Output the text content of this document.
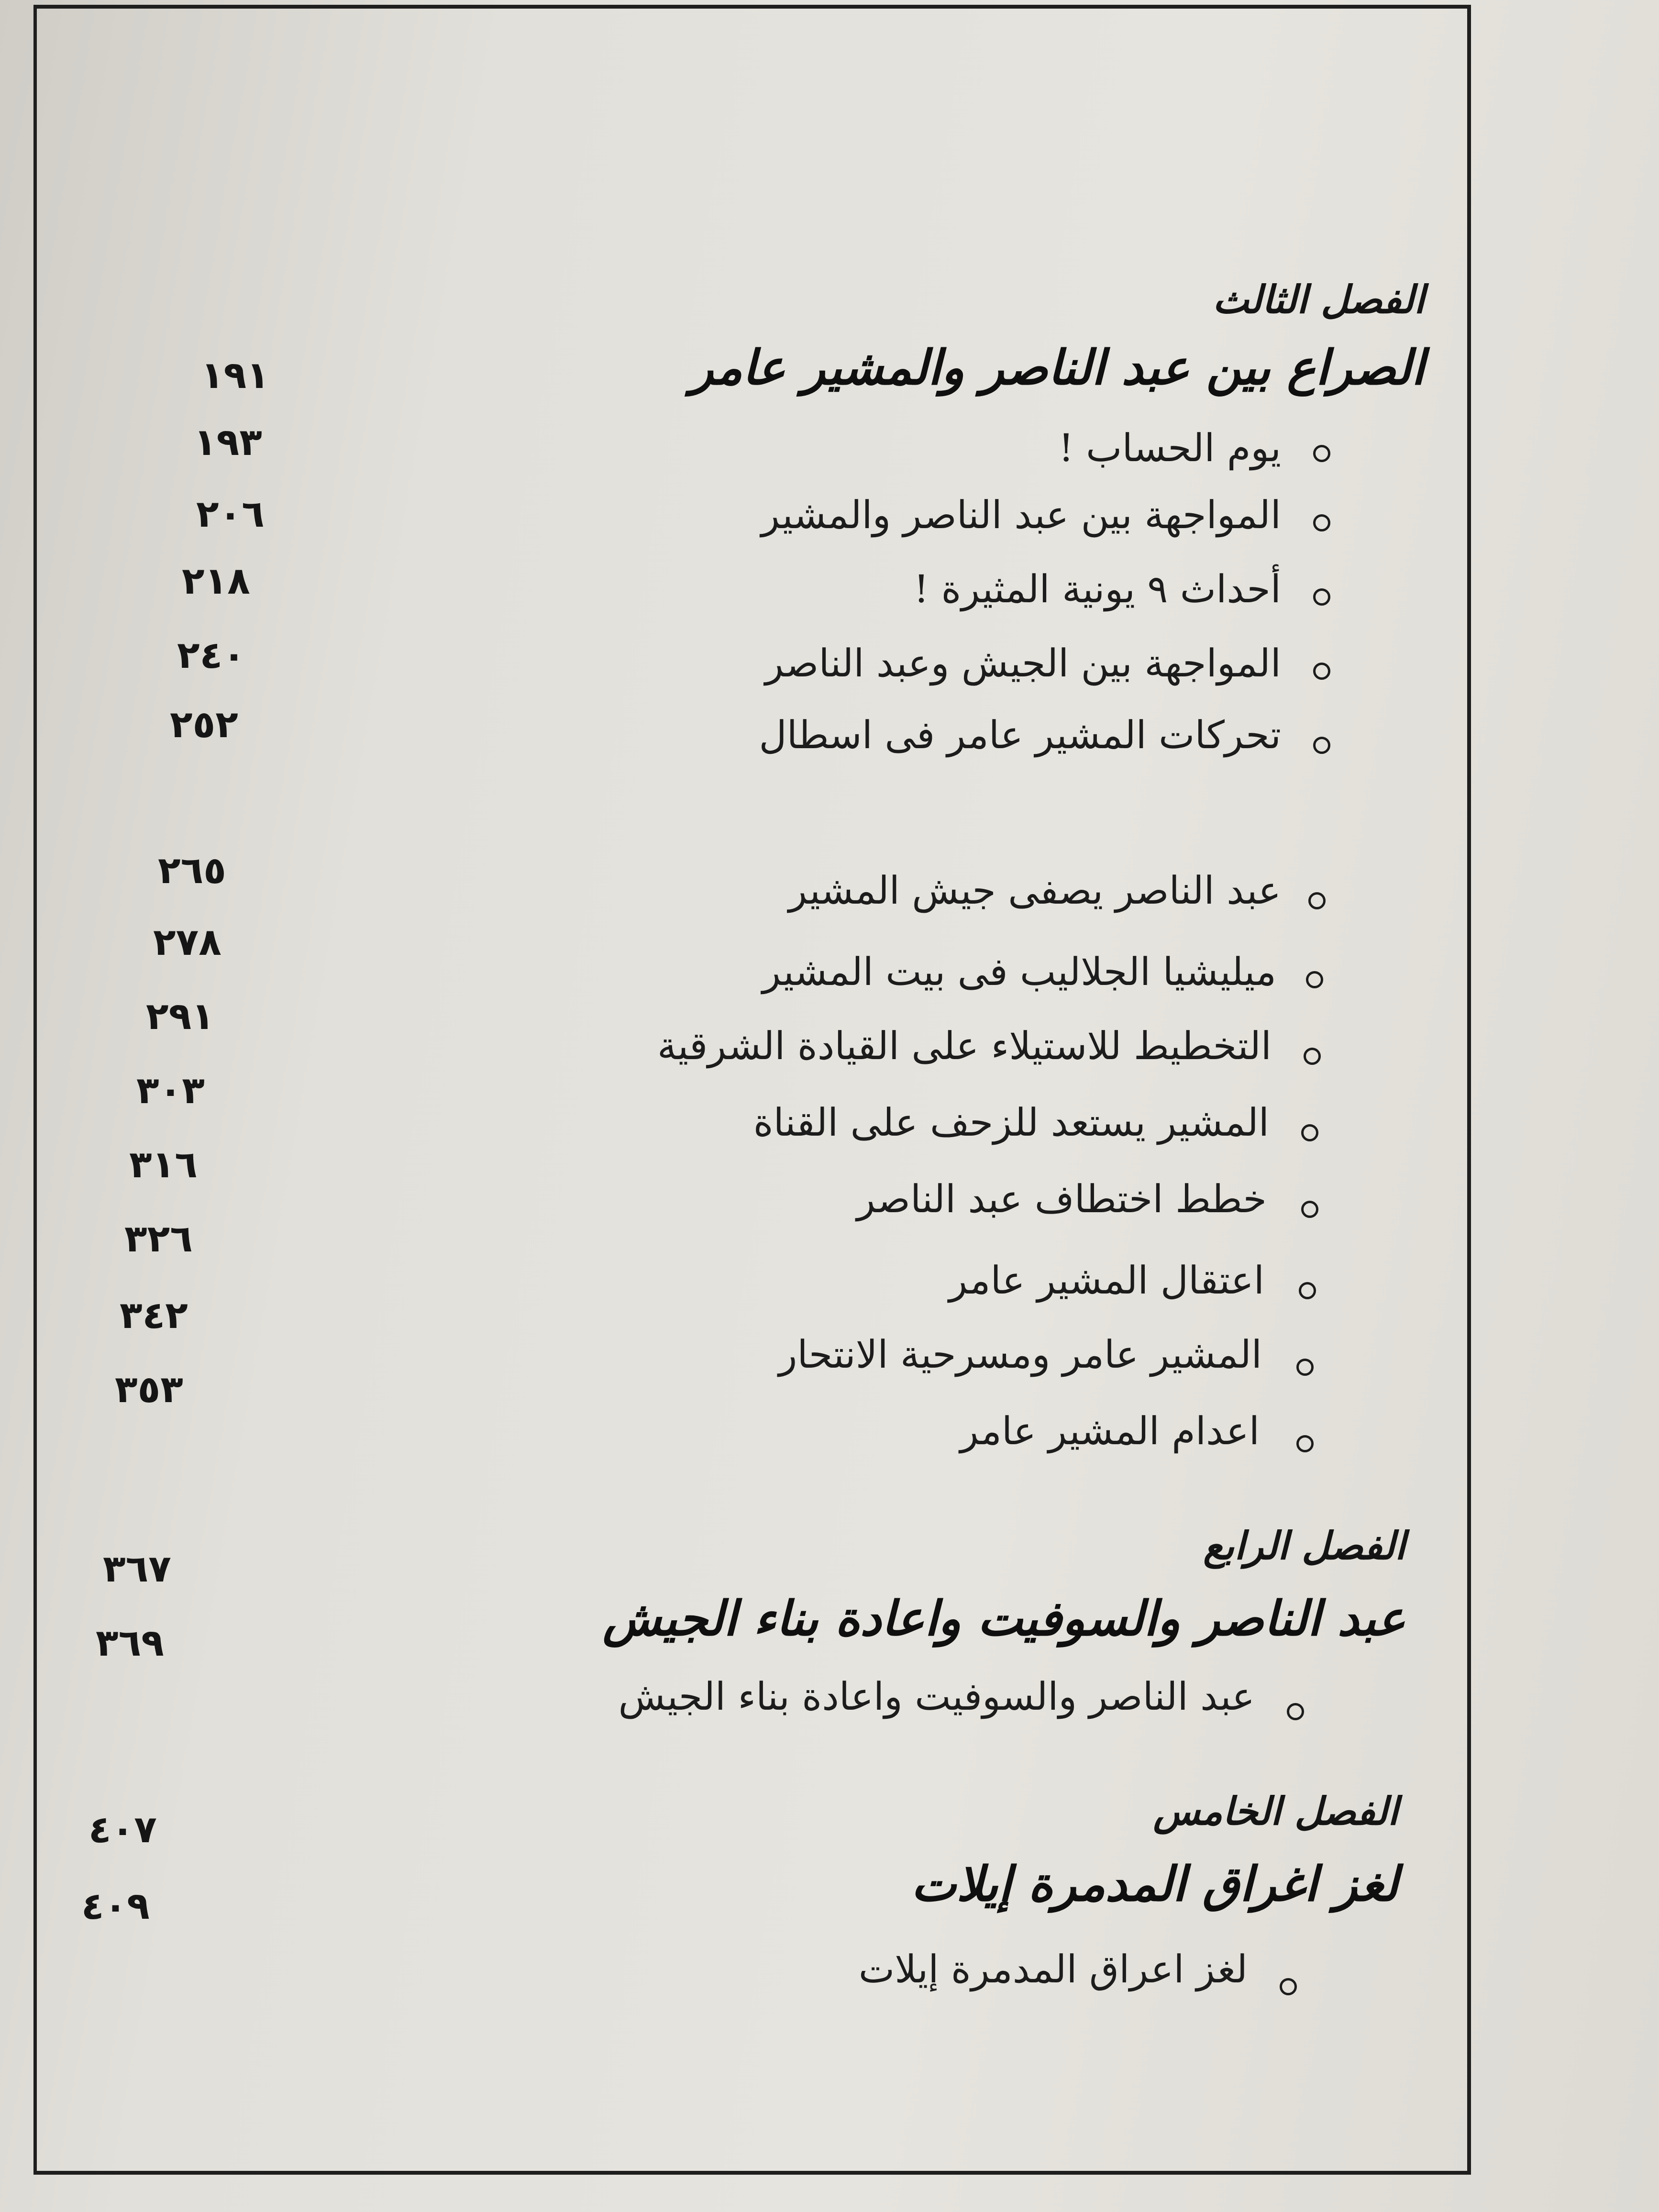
الفصل الثالث
الصراع بين عبد الناصر والمشير عامر
١٩١
يوم الحساب !
١٩٣
المواجهة بين عبد الناصر والمشير
٢٠٦
أحداث ٩ يونية المثيرة !
٢١٨
المواجهة بين الجيش وعبد الناصر
٢٤٠
تحركات المشير عامر فى اسطال
٢٥٢
عبد الناصر يصفى جيش المشير
٢٦٥
ميليشيا الجلاليب فى بيت المشير
٢٧٨
التخطيط للاستيلاء على القيادة الشرقية
٢٩١
المشير يستعد للزحف على القناة
٣٠٣
خطط اختطاف عبد الناصر
٣١٦
اعتقال المشير عامر
٣٢٦
المشير عامر ومسرحية الانتحار
٣٤٢
اعدام المشير عامر
٣٥٣
الفصل الرابع
عبد الناصر والسوفيت واعادة بناء الجيش
٣٦٧
عبد الناصر والسوفيت واعادة بناء الجيش
٣٦٩
الفصل الخامس
لغز اغراق المدمرة إيلات
٤٠٧
لغز اعراق المدمرة إيلات
٤٠٩
